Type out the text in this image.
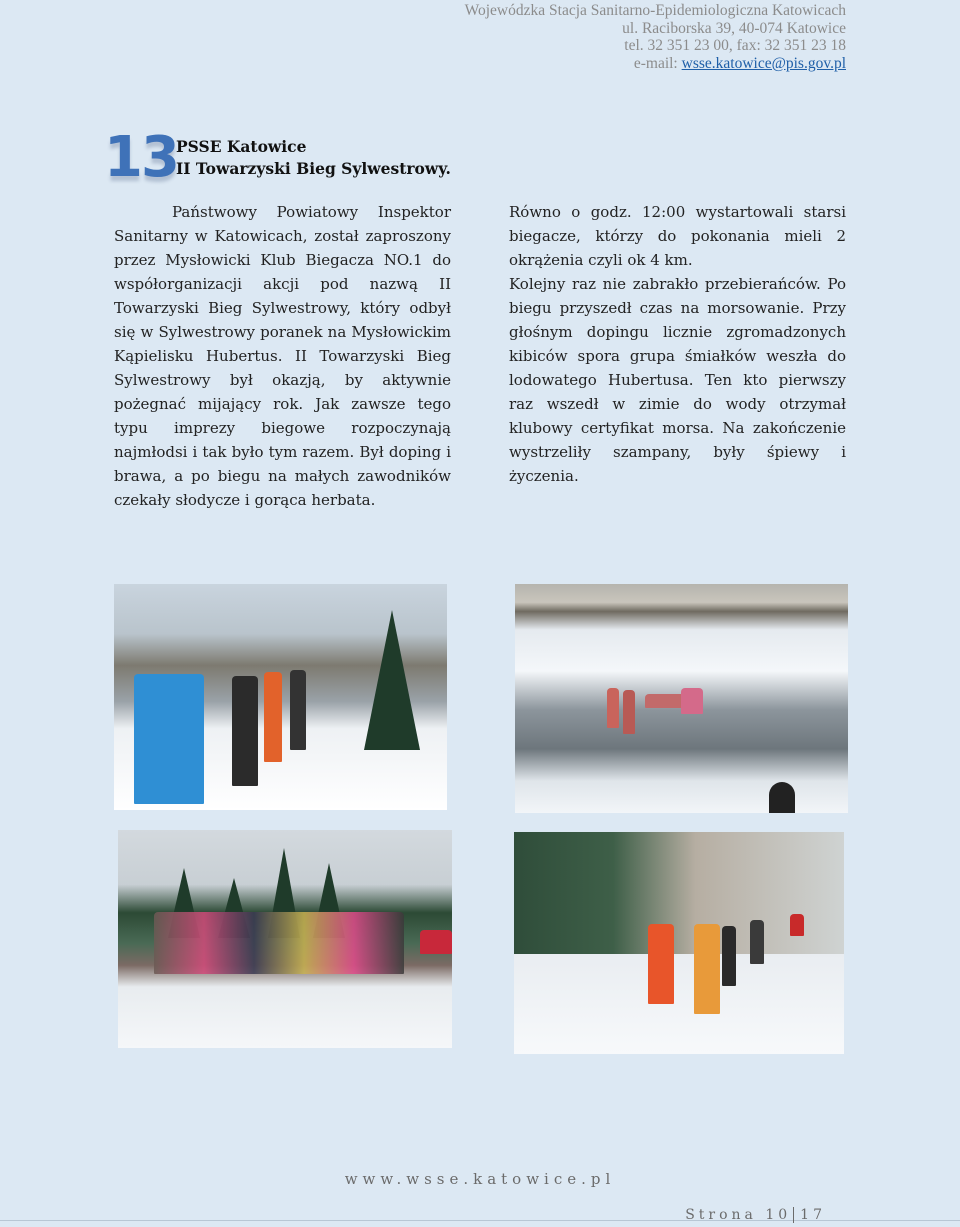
Wojewódzka Stacja Sanitarno-Epidemiologiczna Katowicach
ul. Raciborska 39, 40-074 Katowice
tel. 32 351 23 00, fax: 32 351 23 18
e-mail: wsse.katowice@pis.gov.pl
13
PSSE Katowice
II Towarzyski Bieg Sylwestrowy.

Państwowy Powiatowy Inspektor Sanitarny w Katowicach, został zaproszony przez Mysłowicki Klub Biegacza NO.1 do współorganizacji akcji pod nazwą II Towarzyski Bieg Sylwestrowy, który odbył się w Sylwestrowy poranek na Mysłowickim Kąpielisku Hubertus. II Towarzyski Bieg Sylwestrowy był okazją, by aktywnie pożegnać mijający rok. Jak zawsze tego typu imprezy biegowe rozpoczynają najmłodsi i tak było tym razem. Był doping i brawa, a po biegu na małych zawodników czekały słodycze i gorąca herbata.

Równo o godz. 12:00 wystartowali starsi biegacze, którzy do pokonania mieli 2 okrążenia czyli ok 4 km.

Kolejny raz nie zabrakło przebierańców. Po biegu przyszedł czas na morsowanie. Przy głośnym dopingu licznie zgromadzonych kibiców spora grupa śmiałków weszła do lodowatego Hubertusa. Ten kto pierwszy raz wszedł w zimie do wody otrzymał klubowy certyfikat morsa. Na zakończenie wystrzeliły szampany, były śpiewy i życzenia.

www.wsse.katowice.pl
Strona 10 17
